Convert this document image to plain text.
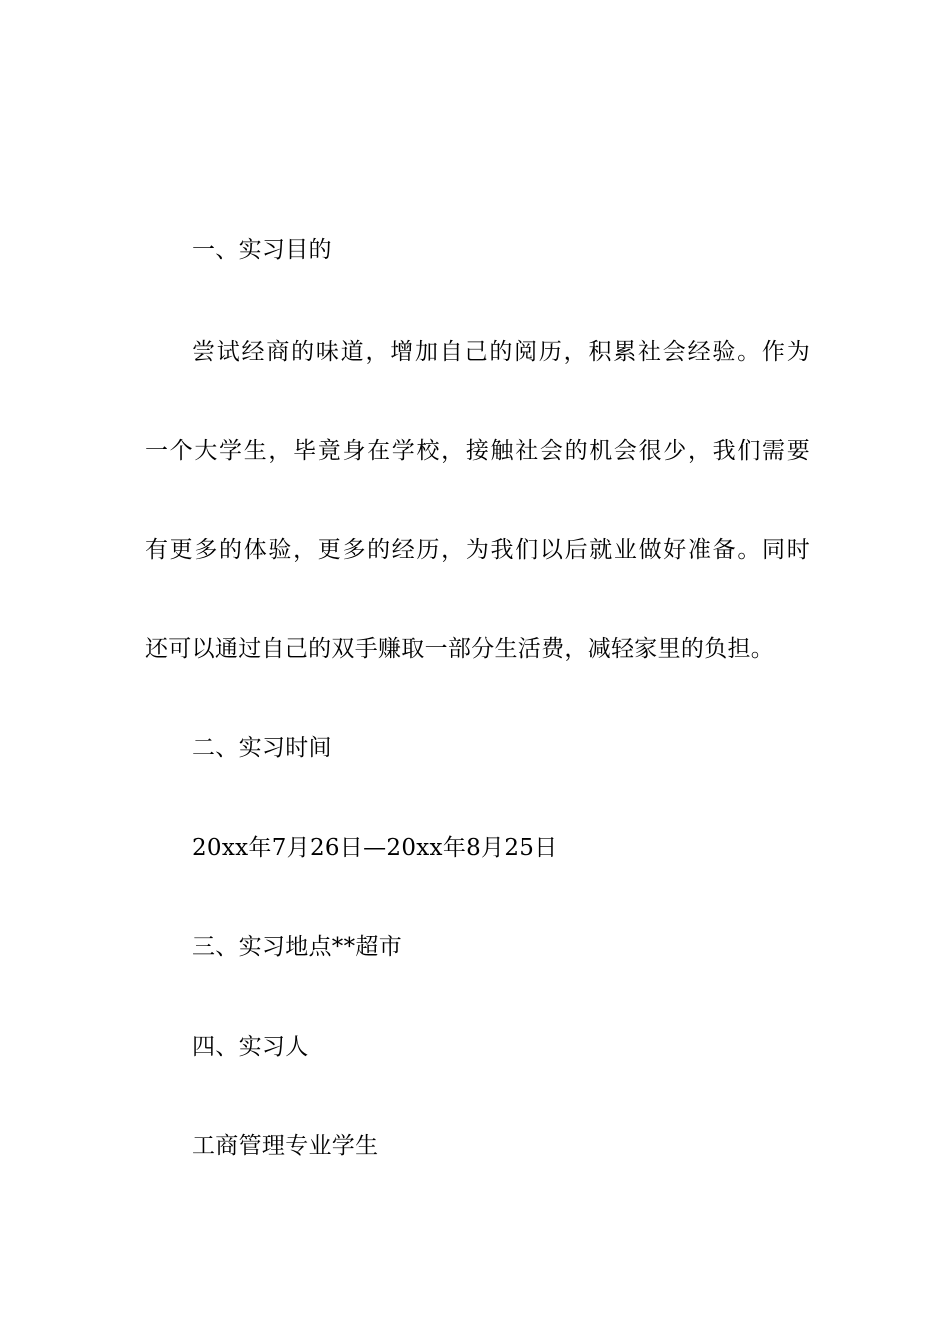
一、实习目的
尝试经商的味道，增加自己的阅历，积累社会经验。作为
一个大学生，毕竟身在学校，接触社会的机会很少，我们需要
有更多的体验，更多的经历，为我们以后就业做好准备。同时
还可以通过自己的双手赚取一部分生活费，减轻家里的负担。
二、实习时间
20xx年7月26日—20xx年8月25日
三、实习地点**超市
四、实习人
工商管理专业学生
